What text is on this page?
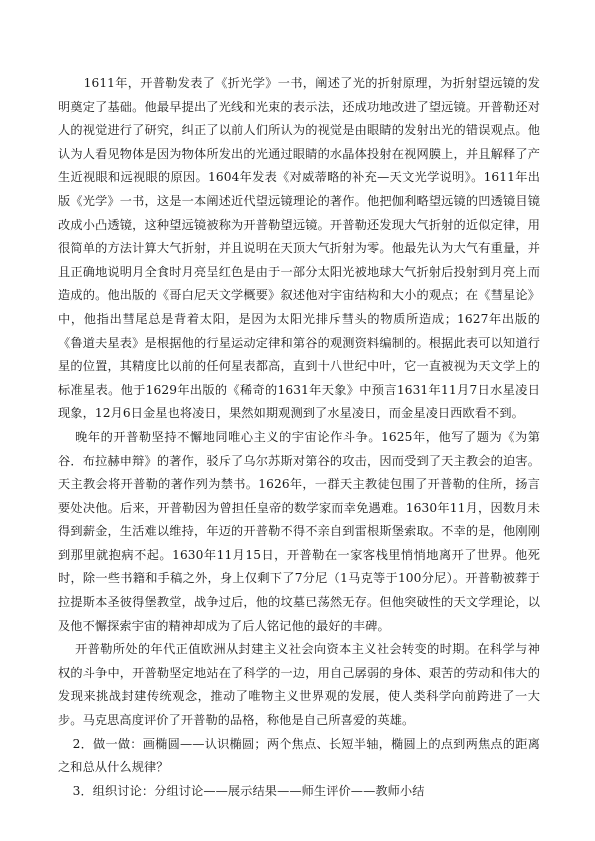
1611年，开普勒发表了《折光学》一书，阐述了光的折射原理，为折射望远镜的发明奠定了基础。他最早提出了光线和光束的表示法，还成功地改进了望远镜。开普勒还对人的视觉进行了研究，纠正了以前人们所认为的视觉是由眼睛的发射出光的错误观点。他认为人看见物体是因为物体所发出的光通过眼睛的水晶体投射在视网膜上，并且解释了产生近视眼和远视眼的原因。1604年发表《对威蒂略的补充—天文光学说明》。1611年出版《光学》一书，这是一本阐述近代望远镜理论的著作。他把伽利略望远镜的凹透镜目镜改成小凸透镜，这种望远镜被称为开普勒望远镜。开普勒还发现大气折射的近似定律，用很简单的方法计算大气折射，并且说明在天顶大气折射为零。他最先认为大气有重量，并且正确地说明月全食时月亮呈红色是由于一部分太阳光被地球大气折射后投射到月亮上而造成的。他出版的《哥白尼天文学概要》叙述他对宇宙结构和大小的观点；在《彗星论》中，他指出彗尾总是背着太阳，是因为太阳光排斥彗头的物质所造成；1627年出版的《鲁道夫星表》是根据他的行星运动定律和第谷的观测资料编制的。根据此表可以知道行星的位置，其精度比以前的任何星表都高，直到十八世纪中叶，它一直被视为天文学上的标准星表。他于1629年出版的《稀奇的1631年天象》中预言1631年11月7日水星凌日现象，12月6日金星也将凌日，果然如期观测到了水星凌日，而金星凌日西欧看不到。

晚年的开普勒坚持不懈地同唯心主义的宇宙论作斗争。1625年，他写了题为《为第谷．布拉赫申辩》的著作，驳斥了乌尔苏斯对第谷的攻击，因而受到了天主教会的迫害。天主教会将开普勒的著作列为禁书。1626年，一群天主教徒包围了开普勒的住所，扬言要处决他。后来，开普勒因为曾担任皇帝的数学家而幸免遇难。1630年11月，因数月未得到薪金，生活难以维持，年迈的开普勒不得不亲自到雷根斯堡索取。不幸的是，他刚刚到那里就抱病不起。1630年11月15日，开普勒在一家客栈里悄悄地离开了世界。他死时，除一些书籍和手稿之外，身上仅剩下了7分尼（1马克等于100分尼）。开普勒被葬于拉提斯本圣彼得堡教堂，战争过后，他的坟墓已荡然无存。但他突破性的天文学理论，以及他不懈探索宇宙的精神却成为了后人铭记他的最好的丰碑。

开普勒所处的年代正值欧洲从封建主义社会向资本主义社会转变的时期。在科学与神权的斗争中，开普勒坚定地站在了科学的一边，用自己孱弱的身体、艰苦的劳动和伟大的发现来挑战封建传统观念，推动了唯物主义世界观的发展，使人类科学向前跨进了一大步。马克思高度评价了开普勒的品格，称他是自己所喜爱的英雄。

2．做一做：画椭圆——认识椭圆；两个焦点、长短半轴，椭圆上的点到两焦点的距离之和总从什么规律？

3．组织讨论：分组讨论——展示结果——师生评价——教师小结
